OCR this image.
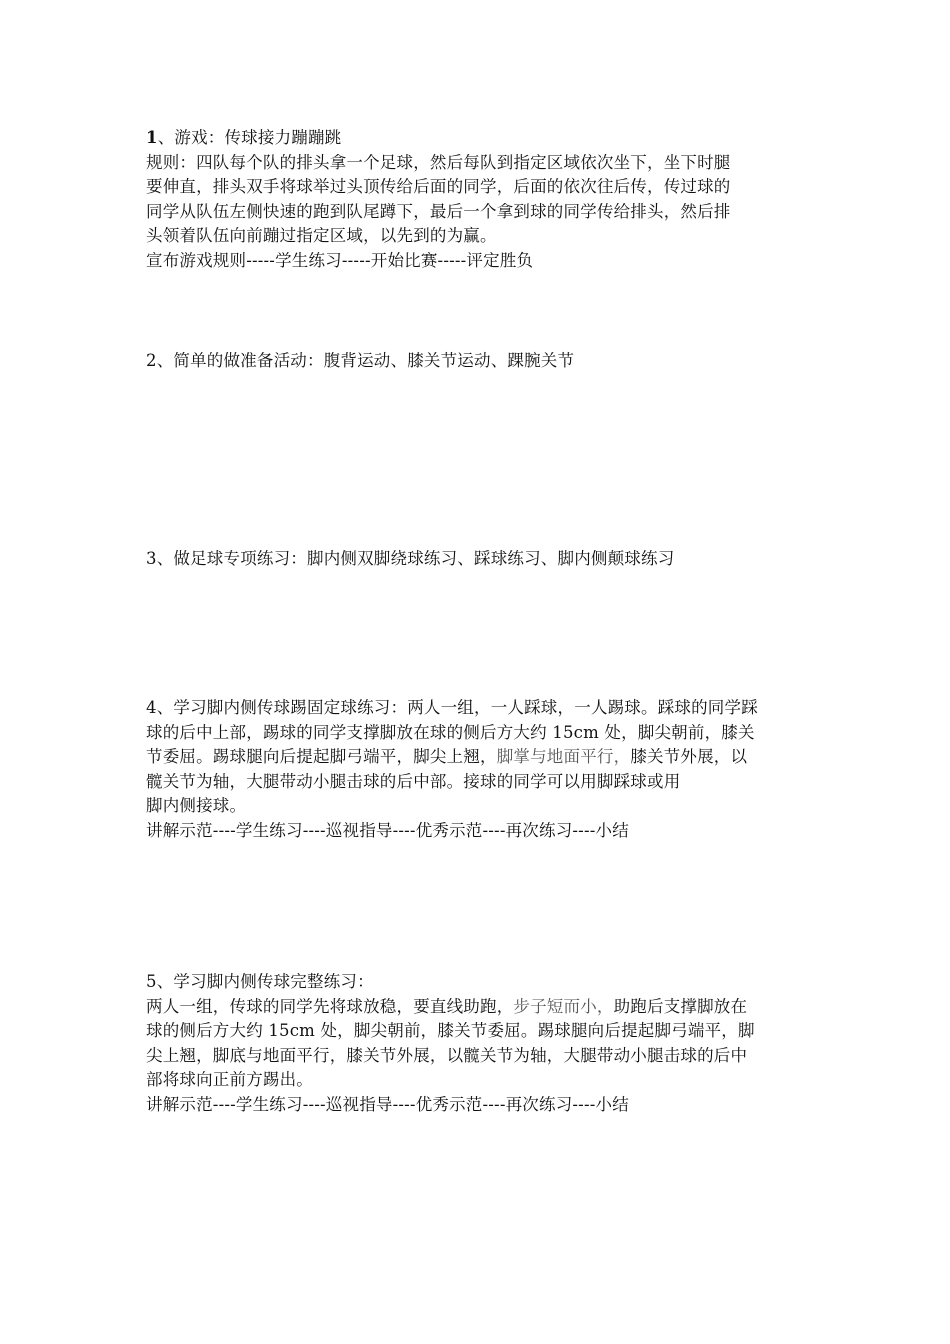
1、游戏：传球接力蹦蹦跳

规则：四队每个队的排头拿一个足球，然后每队到指定区域依次坐下，坐下时腿

要伸直，排头双手将球举过头顶传给后面的同学，后面的依次往后传，传过球的

同学从队伍左侧快速的跑到队尾蹲下，最后一个拿到球的同学传给排头，然后排

头领着队伍向前蹦过指定区域，以先到的为赢。

宣布游戏规则-----学生练习-----开始比赛-----评定胜负

2、简单的做准备活动：腹背运动、膝关节运动、踝腕关节

3、做足球专项练习：脚内侧双脚绕球练习、踩球练习、脚内侧颠球练习

4、学习脚内侧传球踢固定球练习：两人一组，一人踩球，一人踢球。踩球的同学踩

球的后中上部，踢球的同学支撑脚放在球的侧后方大约 15cm 处，脚尖朝前，膝关

节委屈。踢球腿向后提起脚弓端平，脚尖上翘，脚掌与地面平行，膝关节外展，以

髋关节为轴，大腿带动小腿击球的后中部。接球的同学可以用脚踩球或用

脚内侧接球。

讲解示范----学生练习----巡视指导----优秀示范----再次练习----小结

5、学习脚内侧传球完整练习：

两人一组，传球的同学先将球放稳，要直线助跑，步子短而小，助跑后支撑脚放在

球的侧后方大约 15cm 处，脚尖朝前，膝关节委屈。踢球腿向后提起脚弓端平，脚

尖上翘，脚底与地面平行，膝关节外展，以髋关节为轴，大腿带动小腿击球的后中

部将球向正前方踢出。

讲解示范----学生练习----巡视指导----优秀示范----再次练习----小结
